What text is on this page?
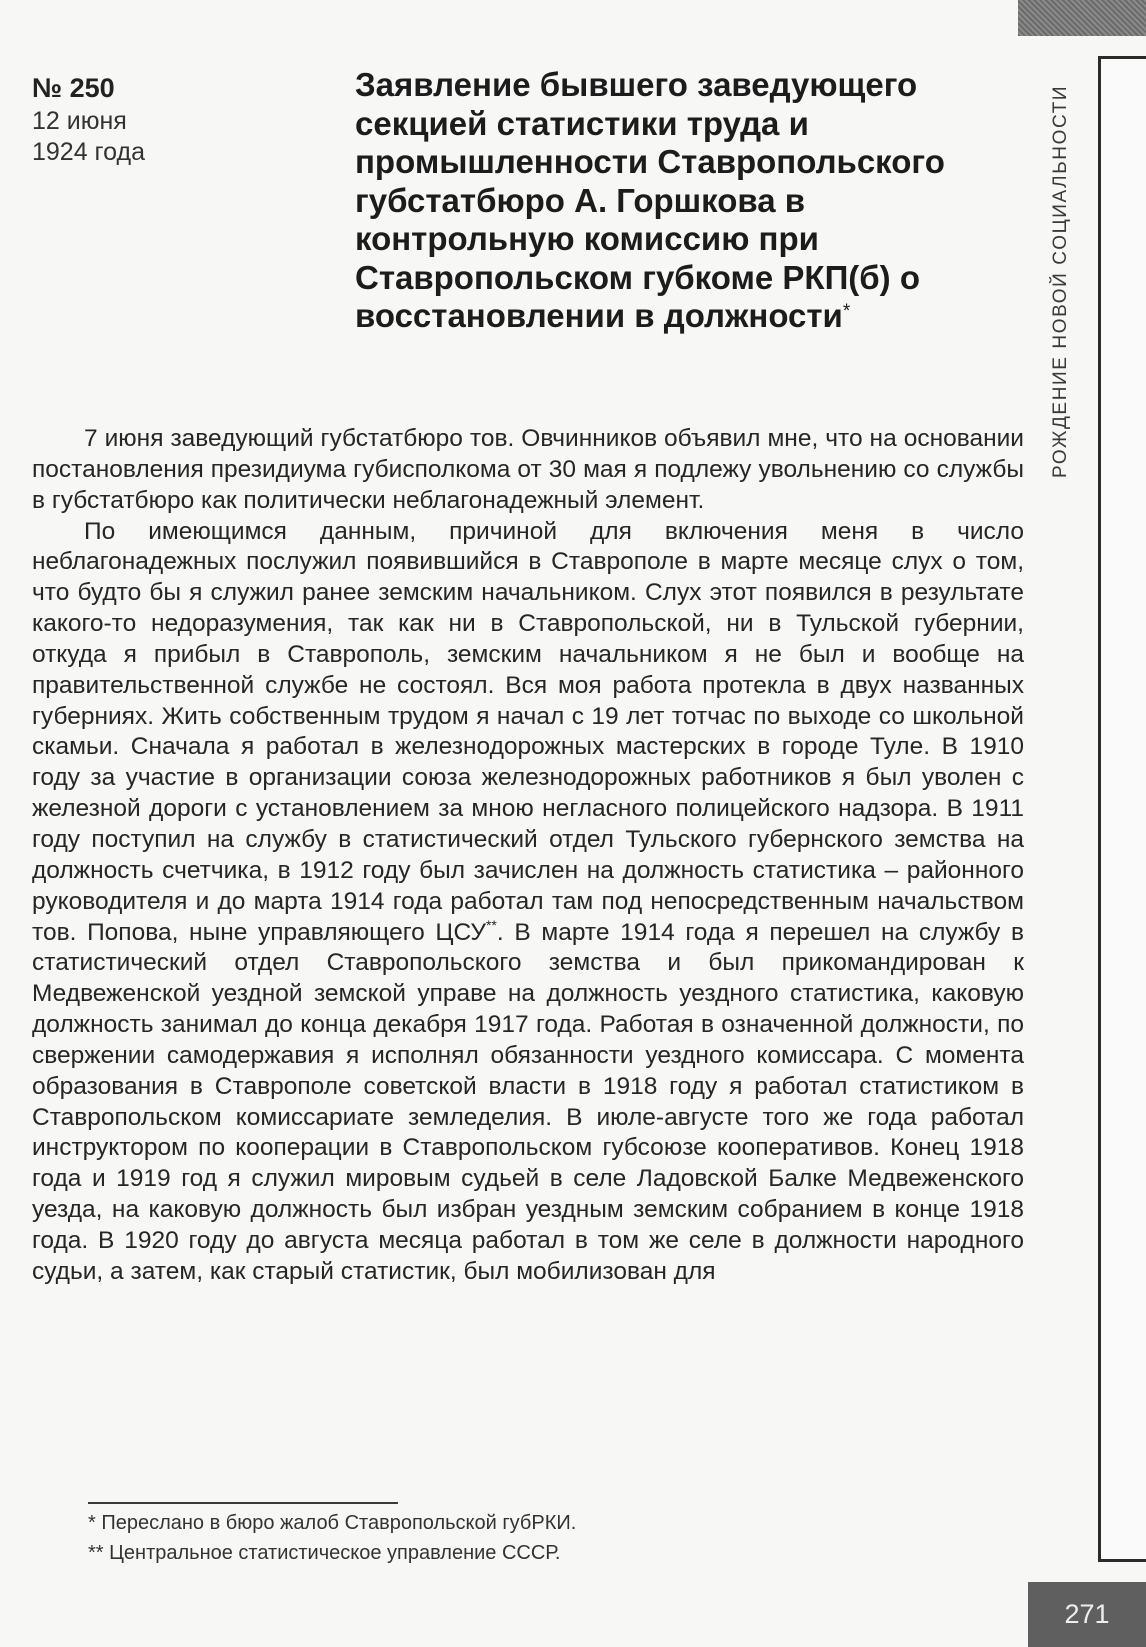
РОЖДЕНИЕ НОВОЙ СОЦИАЛЬНОСТИ

№ 250

12 июня

1924 года

Заявление бывшего заведующего секцией статистики труда и промышленности Ставропольского губстатбюро А. Горшкова в контрольную комиссию при Ставропольском губкоме РКП(б) о восстановлении в должности*

7 июня заведующий губстатбюро тов. Овчинников объявил мне, что на основании постановления президиума губисполкома от 30 мая я подлежу увольнению со службы в губстатбюро как политически неблагонадежный элемент.

По имеющимся данным, причиной для включения меня в число неблагонадежных послужил появившийся в Ставрополе в марте месяце слух о том, что будто бы я служил ранее земским начальником. Слух этот появился в результате какого-то недоразумения, так как ни в Ставропольской, ни в Тульской губернии, откуда я прибыл в Ставрополь, земским начальником я не был и вообще на правительственной службе не состоял. Вся моя работа протекла в двух названных губерниях. Жить собственным трудом я начал с 19 лет тотчас по выходе со школьной скамьи. Сначала я работал в железнодорожных мастерских в городе Туле. В 1910 году за участие в организации союза железнодорожных работников я был уволен с железной дороги с установлением за мною негласного полицейского надзора. В 1911 году поступил на службу в статистический отдел Тульского губернского земства на должность счетчика, в 1912 году был зачислен на должность статистика – районного руководителя и до марта 1914 года работал там под непосредственным начальством тов. Попова, ныне управляющего ЦСУ**. В марте 1914 года я перешел на службу в статистический отдел Ставропольского земства и был прикомандирован к Медвеженской уездной земской управе на должность уездного статистика, каковую должность занимал до конца декабря 1917 года. Работая в означенной должности, по свержении самодержавия я исполнял обязанности уездного комиссара. С момента образования в Ставрополе советской власти в 1918 году я работал статистиком в Ставропольском комиссариате земледелия. В июле-августе того же года работал инструктором по кооперации в Ставропольском губсоюзе кооперативов. Конец 1918 года и 1919 год я служил мировым судьей в селе Ладовской Балке Медвеженского уезда, на каковую должность был избран уездным земским собранием в конце 1918 года. В 1920 году до августа месяца работал в том же селе в должности народного судьи, а затем, как старый статистик, был мобилизован для

* Переслано в бюро жалоб Ставропольской губРКИ.

** Центральное статистическое управление СССР.

271
